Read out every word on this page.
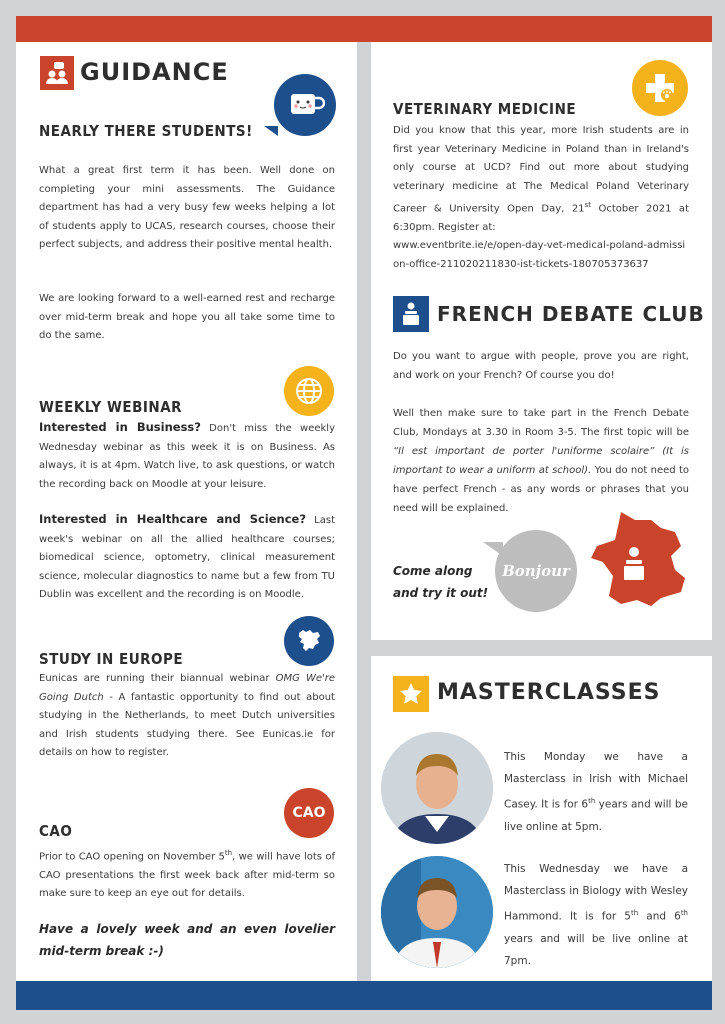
GUIDANCE
NEARLY THERE STUDENTS!
What a great first term it has been. Well done on completing your mini assessments. The Guidance department has had a very busy few weeks helping a lot of students apply to UCAS, research courses, choose their perfect subjects, and address their positive mental health.
We are looking forward to a well-earned rest and recharge over mid-term break and hope you all take some time to do the same.
WEEKLY WEBINAR
Interested in Business? Don't miss the weekly Wednesday webinar as this week it is on Business. As always, it is at 4pm. Watch live, to ask questions, or watch the recording back on Moodle at your leisure.
Interested in Healthcare and Science? Last week's webinar on all the allied healthcare courses; biomedical science, optometry, clinical measurement science, molecular diagnostics to name but a few from TU Dublin was excellent and the recording is on Moodle.
STUDY IN EUROPE
Eunicas are running their biannual webinar OMG We're Going Dutch - A fantastic opportunity to find out about studying in the Netherlands, to meet Dutch universities and Irish students studying there. See Eunicas.ie for details on how to register.
CAO
CAO
Prior to CAO opening on November 5th, we will have lots of CAO presentations the first week back after mid-term so make sure to keep an eye out for details.
Have a lovely week and an even lovelier mid-term break :-)
VETERINARY MEDICINE
Did you know that this year, more Irish students are in first year Veterinary Medicine in Poland than in Ireland's only course at UCD? Find out more about studying veterinary medicine at The Medical Poland Veterinary Career & University Open Day, 21st October 2021 at 6:30pm. Register at:
www.eventbrite.ie/e/open-day-vet-medical-poland-admission-office-211020211830-ist-tickets-180705373637
FRENCH DEBATE CLUB
Do you want to argue with people, prove you are right, and work on your French? Of course you do!
Well then make sure to take part in the French Debate Club, Mondays at 3.30 in Room 3-5. The first topic will be “Il est important de porter l'uniforme scolaire” (It is important to wear a uniform at school). You do not need to have perfect French - as any words or phrases that you need will be explained.
Bonjour
Come along
and try it out!
MASTERCLASSES
This Monday we have a Masterclass in Irish with Michael Casey. It is for 6th years and will be live online at 5pm.
This Wednesday we have a Masterclass in Biology with Wesley Hammond. It is for 5th and 6th years and will be live online at 7pm.
